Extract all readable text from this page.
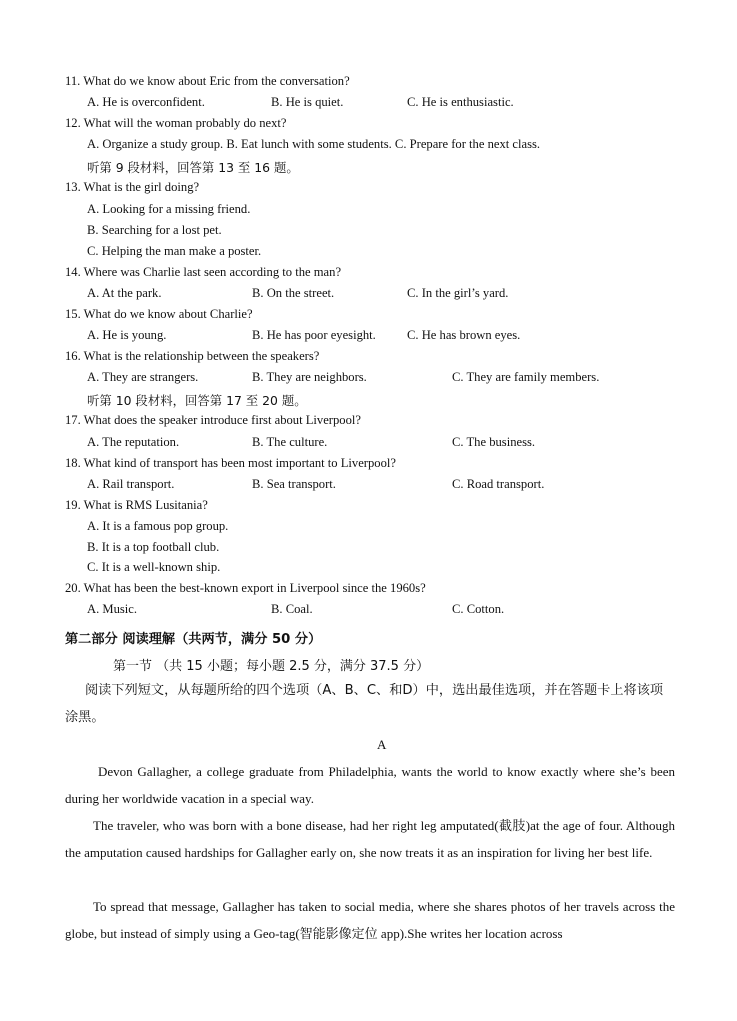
11. What do we know about Eric from the conversation?
A. He is overconfident.	B. He is quiet.	C. He is enthusiastic.
12. What will the woman probably do next?
A. Organize a study group. B. Eat lunch with some students. C. Prepare for the next class.
听第 9 段材料，回答第 13 至 16 题。
13. What is the girl doing?
A. Looking for a missing friend.
B. Searching for a lost pet.
C. Helping the man make a poster.
14. Where was Charlie last seen according to the man?
A. At the park.	B. On the street.	C. In the girl’s yard.
15. What do we know about Charlie?
A. He is young.	B. He has poor eyesight. C. He has brown eyes.
16. What is the relationship between the speakers?
A. They are strangers.	B. They are neighbors.	C. They are family members.
听第 10 段材料，回答第 17 至 20 题。
17. What does the speaker introduce first about Liverpool?
A. The reputation.	B. The culture.	C. The business.
18. What kind of transport has been most important to Liverpool?
A. Rail transport.	B. Sea transport.	C. Road transport.
19. What is RMS Lusitania?
A. It is a famous pop group.
B. It is a top football club.
C. It is a well-known ship.
20. What has been the best-known export in Liverpool since the 1960s?
A. Music.	B. Coal.	C. Cotton.
第二部分 阅读理解（共两节，满分 50 分）
第一节 （共 15 小题；每小题 2.5 分，满分 37.5 分）
阅读下列短文，从每题所给的四个选项（A、B、C、和D）中，选出最佳选项，并在答题卡上将该项涂黑。
A
Devon Gallagher, a college graduate from Philadelphia, wants the world to know exactly where she’s been during her worldwide vacation in a special way.
The traveler, who was born with a bone disease, had her right leg amputated(截肢)at the age of four. Although the amputation caused hardships for Gallagher early on, she now treats it as an inspiration for living her best life.
To spread that message, Gallagher has taken to social media, where she shares photos of her travels across the globe, but instead of simply using a Geo-tag(智能影像定位 app).She writes her location across
